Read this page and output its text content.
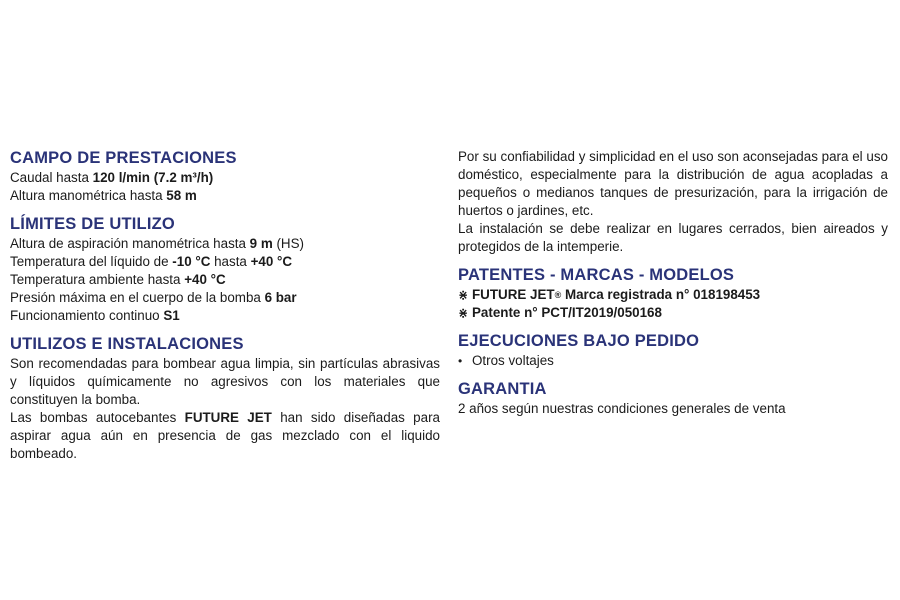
CAMPO DE PRESTACIONES
Caudal hasta 120 l/min (7.2 m³/h)
Altura manométrica hasta 58 m
LÍMITES DE UTILIZO
Altura de aspiración manométrica hasta 9 m (HS)
Temperatura del líquido de -10 °C hasta +40 °C
Temperatura ambiente hasta +40 °C
Presión máxima en el cuerpo de la bomba 6 bar
Funcionamiento continuo S1
UTILIZOS E INSTALACIONES
Son recomendadas para bombear agua limpia, sin partículas abrasivas y líquidos químicamente no agresivos con los materiales que constituyen la bomba.
Las bombas autocebantes FUTURE JET han sido diseñadas para aspirar agua aún en presencia de gas mezclado con el liquido bombeado.
Por su confiabilidad y simplicidad en el uso son aconsejadas para el uso doméstico, especialmente para la distribución de agua acopladas a pequeños o medianos tanques de presurización, para la irrigación de huertos o jardines, etc.
La instalación se debe realizar en lugares cerrados, bien aireados y protegidos de la intemperie.
PATENTES - MARCAS - MODELOS
⋇ FUTURE JET® Marca registrada n° 018198453
⋇ Patente n° PCT/IT2019/050168
EJECUCIONES BAJO PEDIDO
• Otros voltajes
GARANTIA
2 años según nuestras condiciones generales de venta
